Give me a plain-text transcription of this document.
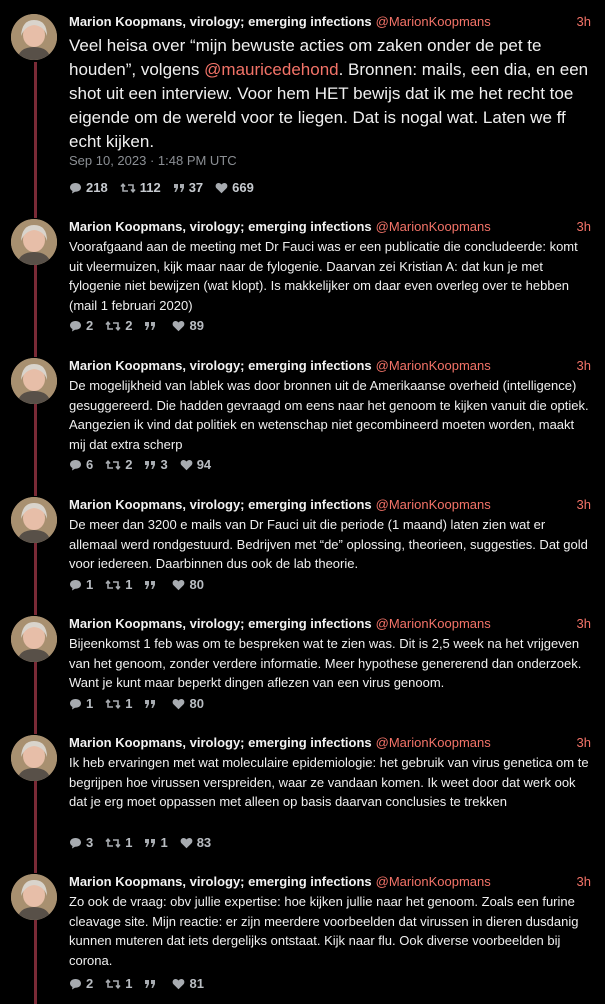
Marion Koopmans, virology; emerging infections @MarionKoopmans	3h
Veel heisa over “mijn bewuste acties om zaken onder de pet te houden”, volgens @mauricedehond. Bronnen: mails, een dia, en een shot uit een interview. Voor hem HET bewijs dat ik me het recht toe eigende om de wereld voor te liegen. Dat is nogal wat. Laten we ff echt kijken.
Sep 10, 2023 · 1:48 PM UTC
218 112 37 669
Marion Koopmans, virology; emerging infections @MarionKoopmans	3h
Voorafgaand aan de meeting met Dr Fauci was er een publicatie die concludeerde: komt uit vleermuizen, kijk maar naar de fylogenie. Daarvan zei Kristian A: dat kun je met fylogenie niet bewijzen (wat klopt). Is makkelijker om daar even overleg over te hebben (mail 1 februari 2020)
2 2	89
Marion Koopmans, virology; emerging infections @MarionKoopmans	3h
De mogelijkheid van lablek was door bronnen uit de Amerikaanse overheid (intelligence) gesuggereerd. Die hadden gevraagd om eens naar het genoom te kijken vanuit die optiek. Aangezien ik vind dat politiek en wetenschap niet gecombineerd moeten worden, maakt mij dat extra scherp
6 2 3 94
Marion Koopmans, virology; emerging infections @MarionKoopmans	3h
De meer dan 3200 e mails van Dr Fauci uit die periode (1 maand) laten zien wat er allemaal werd rondgestuurd. Bedrijven met “de” oplossing, theorieen, suggesties. Dat gold voor iedereen. Daarbinnen dus ook de lab theorie.
1 1	80
Marion Koopmans, virology; emerging infections @MarionKoopmans	3h
Bijeenkomst 1 feb was om te bespreken wat te zien was. Dit is 2,5 week na het vrijgeven van het genoom, zonder verdere informatie. Meer hypothese genererend dan onderzoek. Want je kunt maar beperkt dingen aflezen van een virus genoom.
1 1	80
Marion Koopmans, virology; emerging infections @MarionKoopmans	3h
Ik heb ervaringen met wat moleculaire epidemiologie: het gebruik van virus genetica om te begrijpen hoe virussen verspreiden, waar ze vandaan komen. Ik weet door dat werk ook dat je erg moet oppassen met alleen op basis daarvan conclusies te trekken
3 1 1 83
Marion Koopmans, virology; emerging infections @MarionKoopmans	3h
Zo ook de vraag: obv jullie expertise: hoe kijken jullie naar het genoom. Zoals een furine cleavage site. Mijn reactie: er zijn meerdere voorbeelden dat virussen in dieren dusdanig kunnen muteren dat iets dergelijks ontstaat. Kijk naar flu. Ook diverse voorbeelden bij corona.
2 1	81
